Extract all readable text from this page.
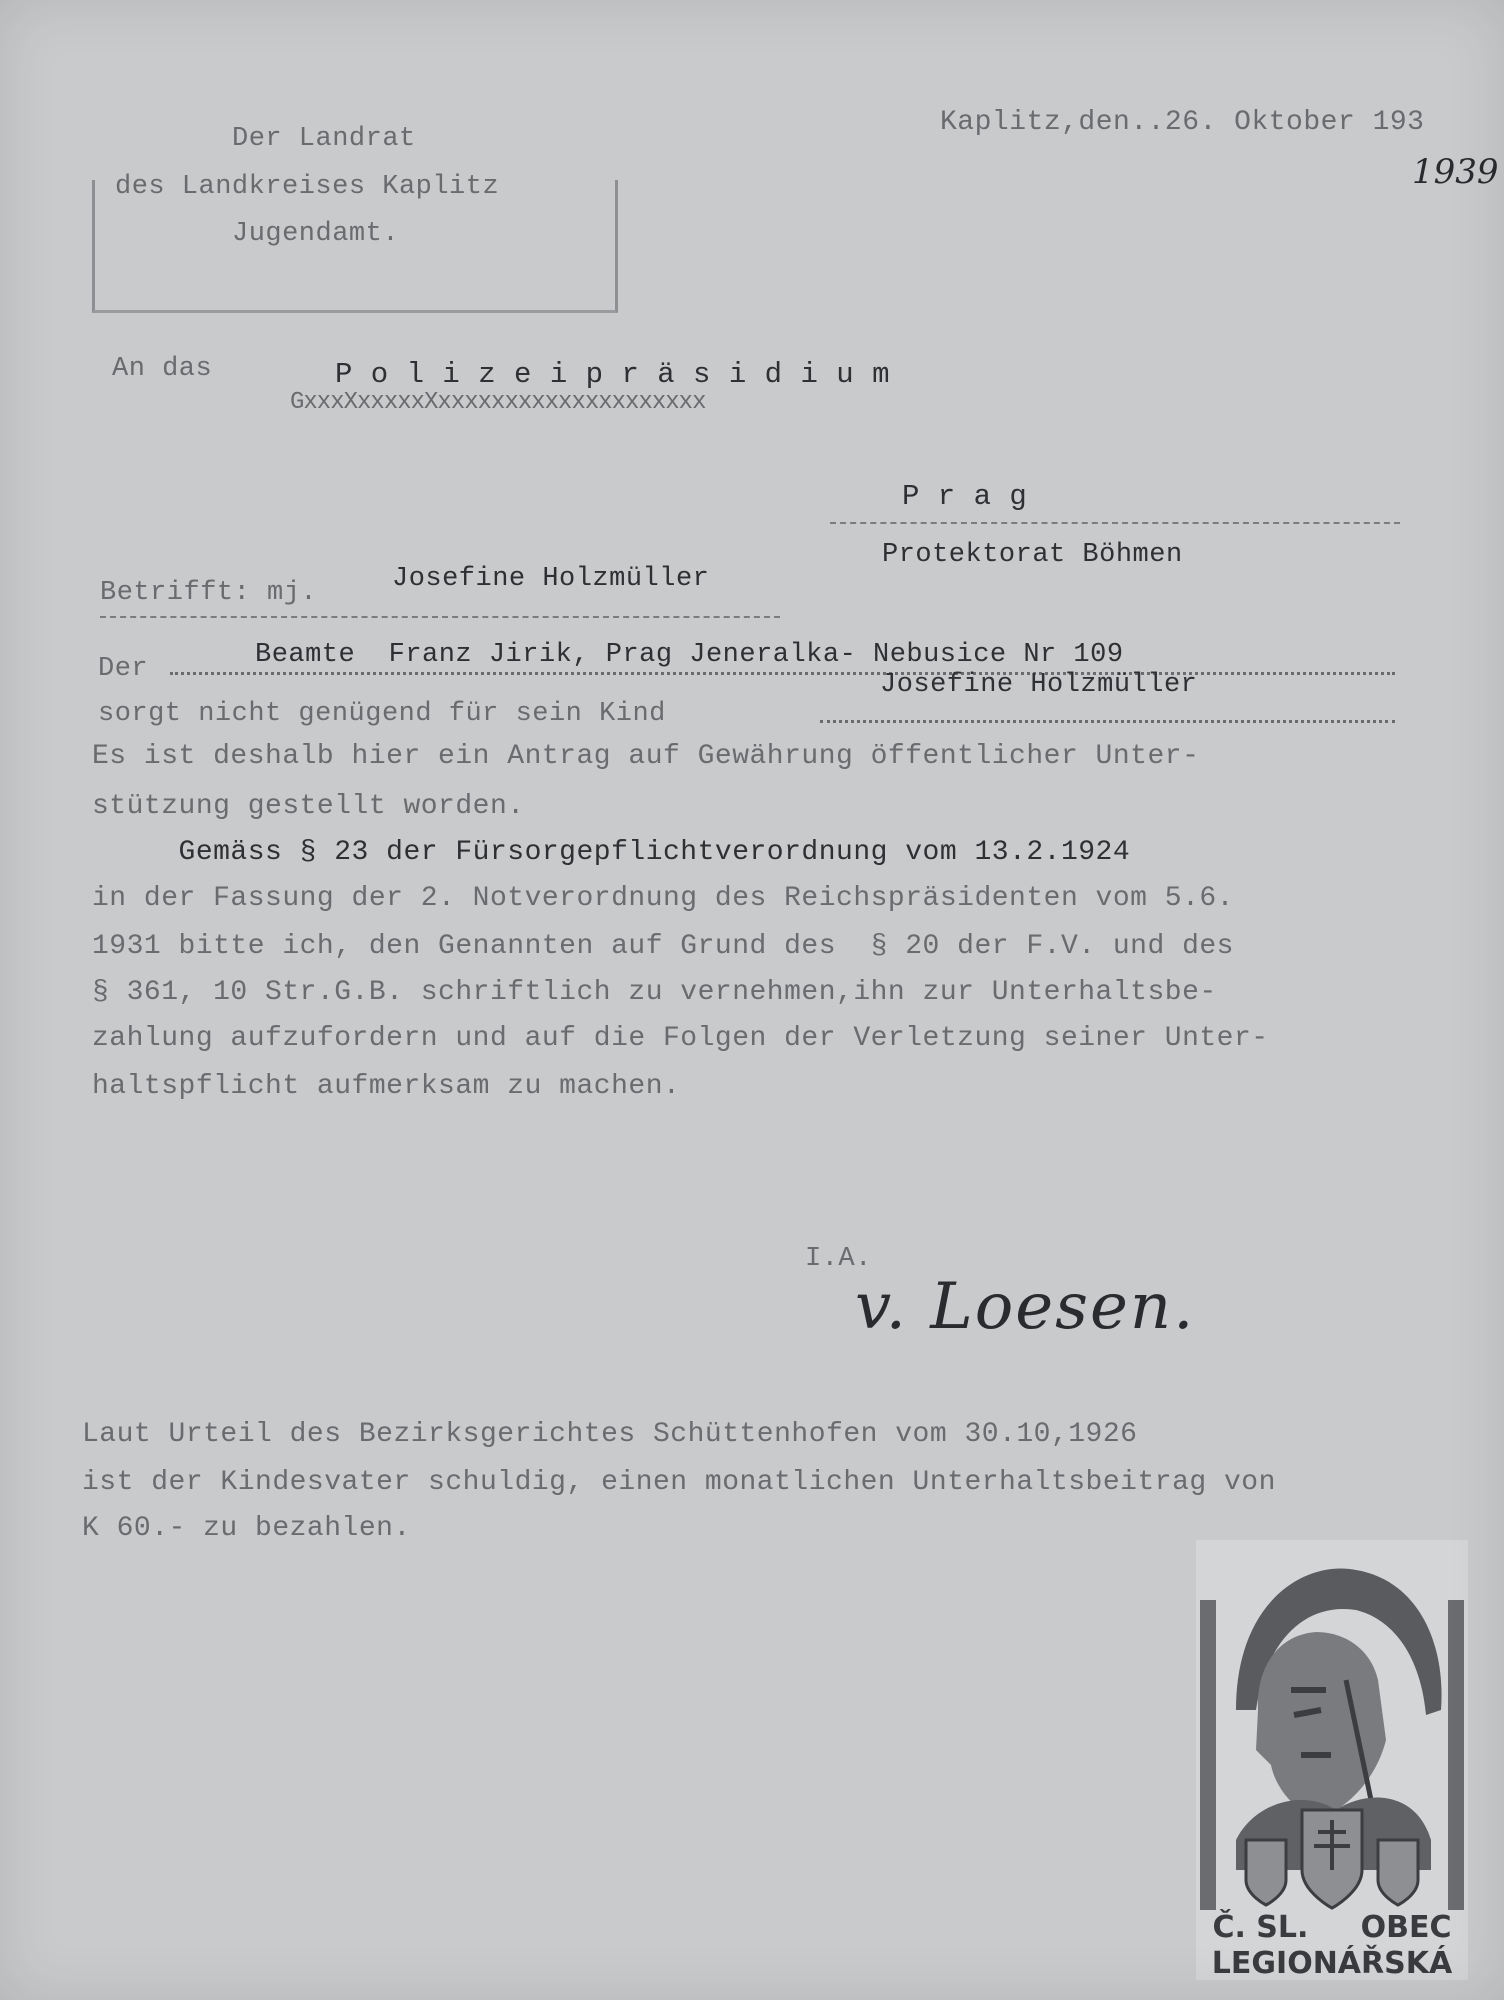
Der Landrat
des Landkreises Kaplitz
Jugendamt.
Kaplitz,den..26. Oktober 193
1939
An das	P o l i z e i p r ä s i d i u m
GxxxXxxxxxXxxxxxxxxxxxxxxxxxxxx
P r a g
Protektorat Böhmen
Betrifft: mj.	Josefine Holzmüller
Der	Beamte  Franz Jirik, Prag Jeneralka- Nebusice Nr 109
Josefine Holzmüller
sorgt nicht genügend für sein Kind
Es ist deshalb hier ein Antrag auf Gewährung öffentlicher Unter-
stützung gestellt worden.
Gemäss § 23 der Fürsorgepflichtverordnung vom 13.2.1924
in der Fassung der 2. Notverordnung des Reichspräsidenten vom 5.6.
1931 bitte ich, den Genannten auf Grund des  § 20 der F.V. und des
§ 361, 10 Str.G.B. schriftlich zu vernehmen,ihn zur Unterhaltsbe-
zahlung aufzufordern und auf die Folgen der Verletzung seiner Unter-
haltspflicht aufmerksam zu machen.
I.A.
v. Loesen.
Laut Urteil des Bezirksgerichtes Schüttenhofen vom 30.10,1926
ist der Kindesvater schuldig, einen monatlichen Unterhaltsbeitrag von
K 60.- zu bezahlen.
Č. SL.     OBEC
LEGIONÁŘSKÁ
